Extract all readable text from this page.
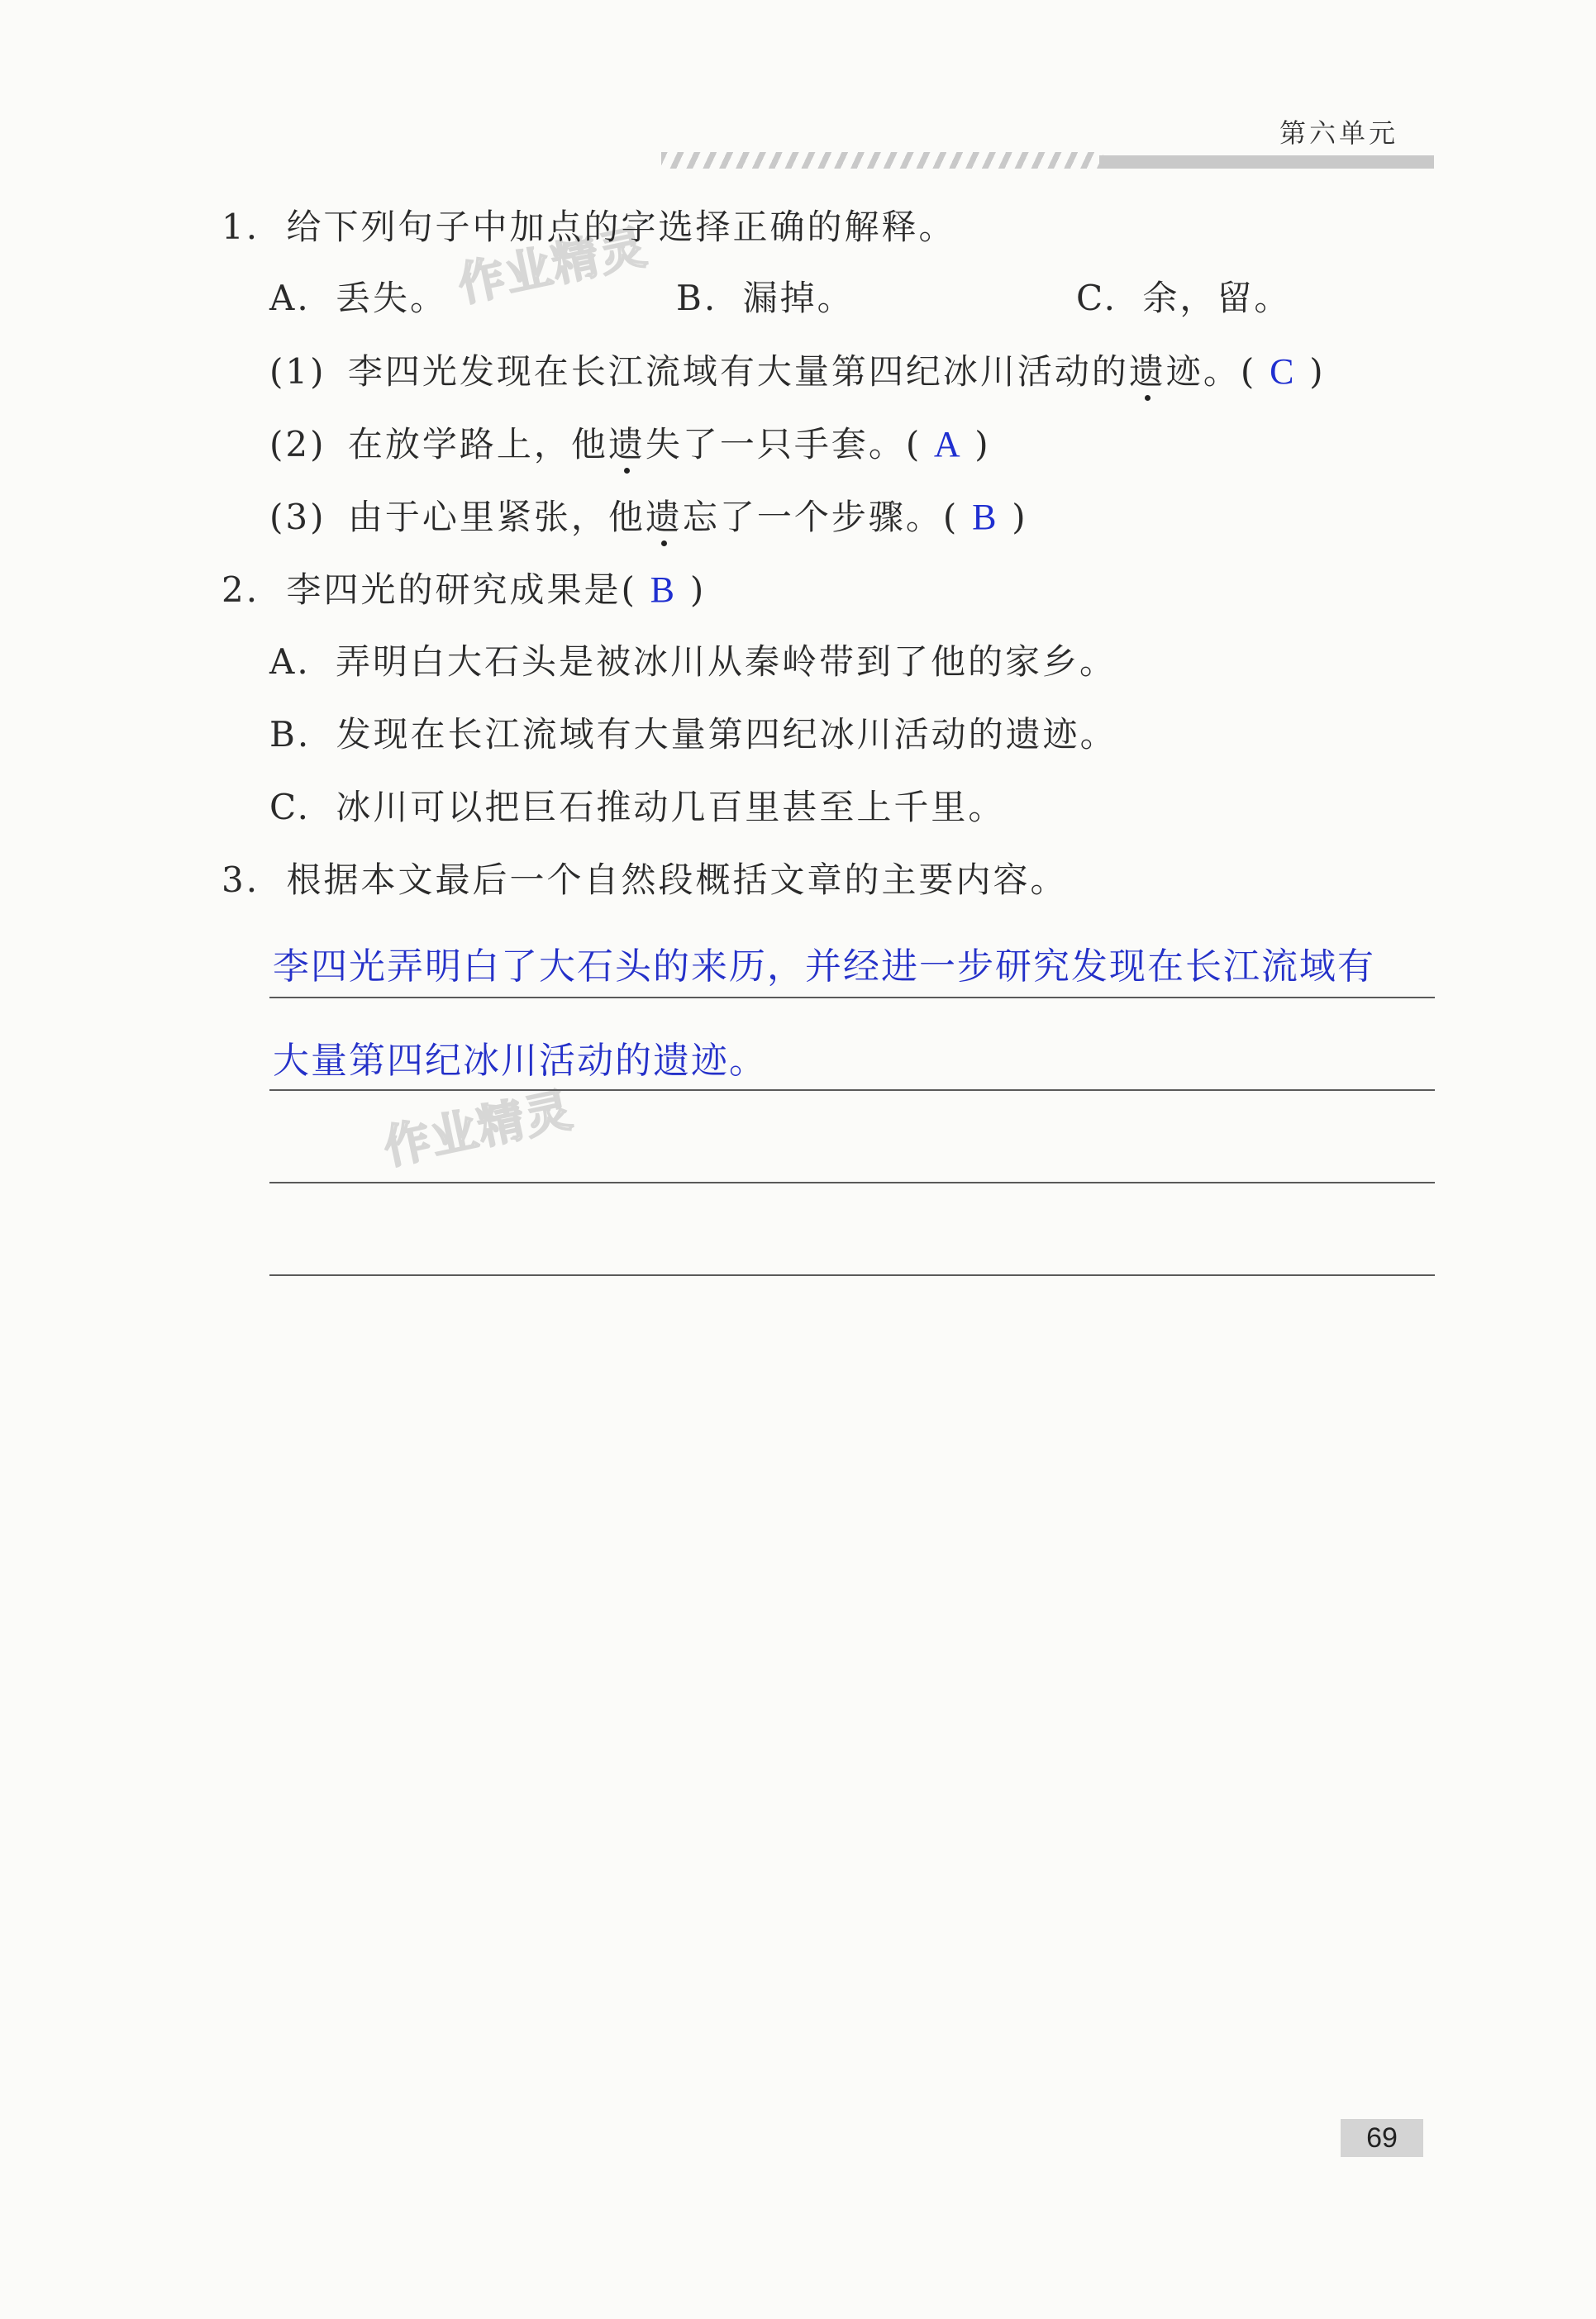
第六单元
作业精灵
作业精灵
1. 给下列句子中加点的字选择正确的解释。
A. 丢失。	B. 漏掉。	C. 余，留。
(1) 李四光发现在长江流域有大量第四纪冰川活动的遗迹。( C )
(2) 在放学路上，他遗失了一只手套。( A )
(3) 由于心里紧张，他遗忘了一个步骤。( B )
2. 李四光的研究成果是( B )
A. 弄明白大石头是被冰川从秦岭带到了他的家乡。
B. 发现在长江流域有大量第四纪冰川活动的遗迹。
C. 冰川可以把巨石推动几百里甚至上千里。
3. 根据本文最后一个自然段概括文章的主要内容。
李四光弄明白了大石头的来历，并经进一步研究发现在长江流域有
大量第四纪冰川活动的遗迹。
69
